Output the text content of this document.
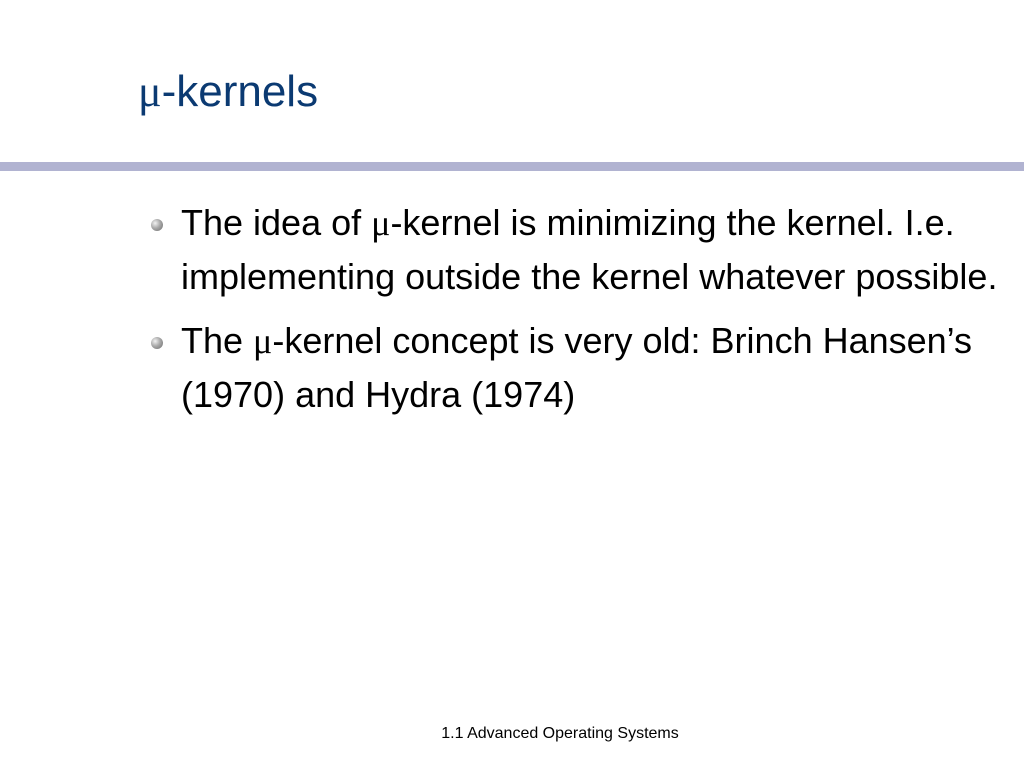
μ-kernels
The idea of μ-kernel is minimizing the kernel. I.e. implementing outside the kernel whatever possible.
The μ-kernel concept is very old: Brinch Hansen’s (1970) and Hydra (1974)
1.1 Advanced Operating Systems
